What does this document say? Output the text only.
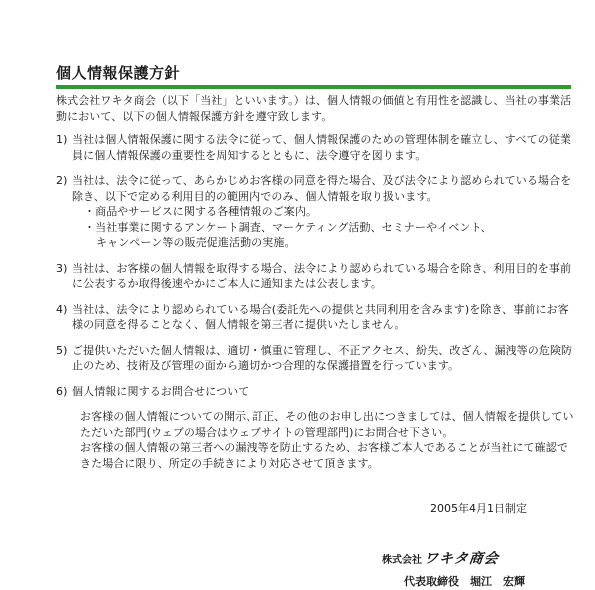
個人情報保護方針

株式会社ワキタ商会（以下「当社」といいます。）は、個人情報の価値と有用性を認識し、当社の事業活動において、以下の個人情報保護方針を遵守致します。

1) 当社は個人情報保護に関する法令に従って、個人情報保護のための管理体制を確立し、すべての従業員に個人情報保護の重要性を周知するとともに、法令遵守を図ります。
2) 当社は、法令に従って、あらかじめお客様の同意を得た場合、及び法令により認められている場合を除き、以下で定める利用目的の範囲内でのみ、個人情報を取り扱います。
・商品やサービスに関する各種情報のご案内。
・当社事業に関するアンケート調査、マーケティング活動、セミナーやイベント、
キャンペーン等の販売促進活動の実施。
3) 当社は、お客様の個人情報を取得する場合、法令により認められている場合を除き、利用目的を事前に公表するか取得後速やかにご本人に通知または公表します。
4) 当社は、法令により認められている場合(委託先への提供と共同利用を含みます)を除き、事前にお客様の同意を得ることなく、個人情報を第三者に提供いたしません。
5) ご提供いただいた個人情報は、適切・慎重に管理し、不正アクセス、紛失、改ざん、漏洩等の危険防止のため、技術及び管理の面から適切かつ合理的な保護措置を行っています。
6) 個人情報に関するお問合せについて
お客様の個人情報についての開示､訂正、その他のお申し出につきましては、個人情報を提供していただいた部門(ウェブの場合はウェブサイトの管理部門)にお問合せ下さい。
お客様の個人情報の第三者への漏洩等を防止するため、お客様ご本人であることが当社にて確認できた場合に限り、所定の手続きにより対応させて頂きます。
2005年4月1日制定
株式会社 ワキタ商会
代表取締役　堀江　宏輝
